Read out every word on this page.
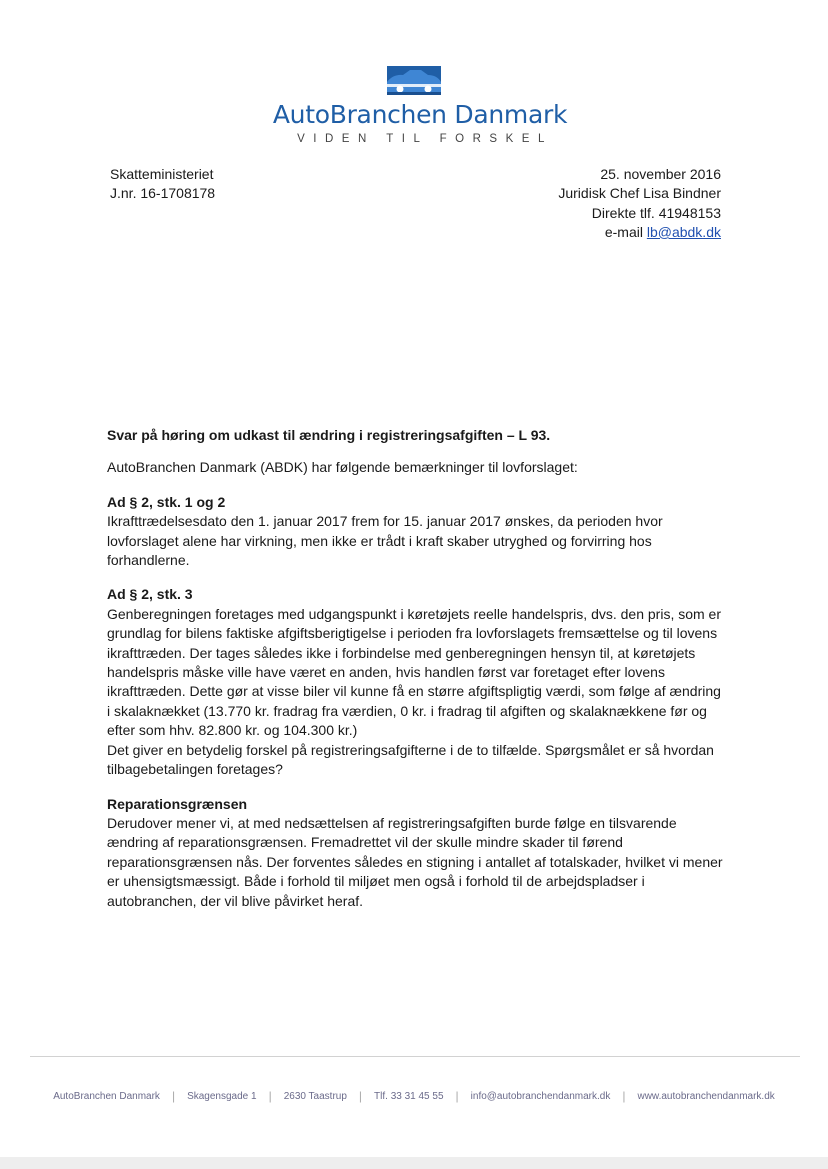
AutoBranchen Danmark
VIDEN TIL FORSKEL
Skatteministeriet
J.nr. 16-1708178
25. november 2016
Juridisk Chef Lisa Bindner
Direkte tlf. 41948153
e-mail lb@abdk.dk

Svar på høring om udkast til ændring i registreringsafgiften – L 93.

AutoBranchen Danmark (ABDK) har følgende bemærkninger til lovforslaget:

Ad § 2, stk. 1 og 2

Ikrafttrædelsesdato den 1. januar 2017 frem for 15. januar 2017 ønskes, da perioden hvor lovforslaget alene har virkning, men ikke er trådt i kraft skaber utryghed og forvirring hos forhandlerne.

Ad § 2, stk. 3

Genberegningen foretages med udgangspunkt i køretøjets reelle handelspris, dvs. den pris, som er grundlag for bilens faktiske afgiftsberigtigelse i perioden fra lovforslagets fremsættelse og til lovens ikrafttræden. Der tages således ikke i forbindelse med genberegningen hensyn til, at køretøjets handelspris måske ville have været en anden, hvis handlen først var foretaget efter lovens ikrafttræden. Dette gør at visse biler vil kunne få en større afgiftspligtig værdi, som følge af ændring i skalaknækket (13.770 kr. fradrag fra værdien, 0 kr. i fradrag til afgiften og skalaknækkene før og efter som hhv. 82.800 kr. og 104.300 kr.)

Det giver en betydelig forskel på registreringsafgifterne i de to tilfælde. Spørgsmålet er så hvordan tilbagebetalingen foretages?

Reparationsgrænsen

Derudover mener vi, at med nedsættelsen af registreringsafgiften burde følge en tilsvarende ændring af reparationsgrænsen. Fremadrettet vil der skulle mindre skader til førend reparationsgrænsen nås. Der forventes således en stigning i antallet af totalskader, hvilket vi mener er uhensigtsmæssigt. Både i forhold til miljøet men også i forhold til de arbejdspladser i autobranchen, der vil blive påvirket heraf.

AutoBranchen Danmark | Skagensgade 1 | 2630 Taastrup | Tlf. 33 31 45 55 | info@autobranchendanmark.dk | www.autobranchendanmark.dk
